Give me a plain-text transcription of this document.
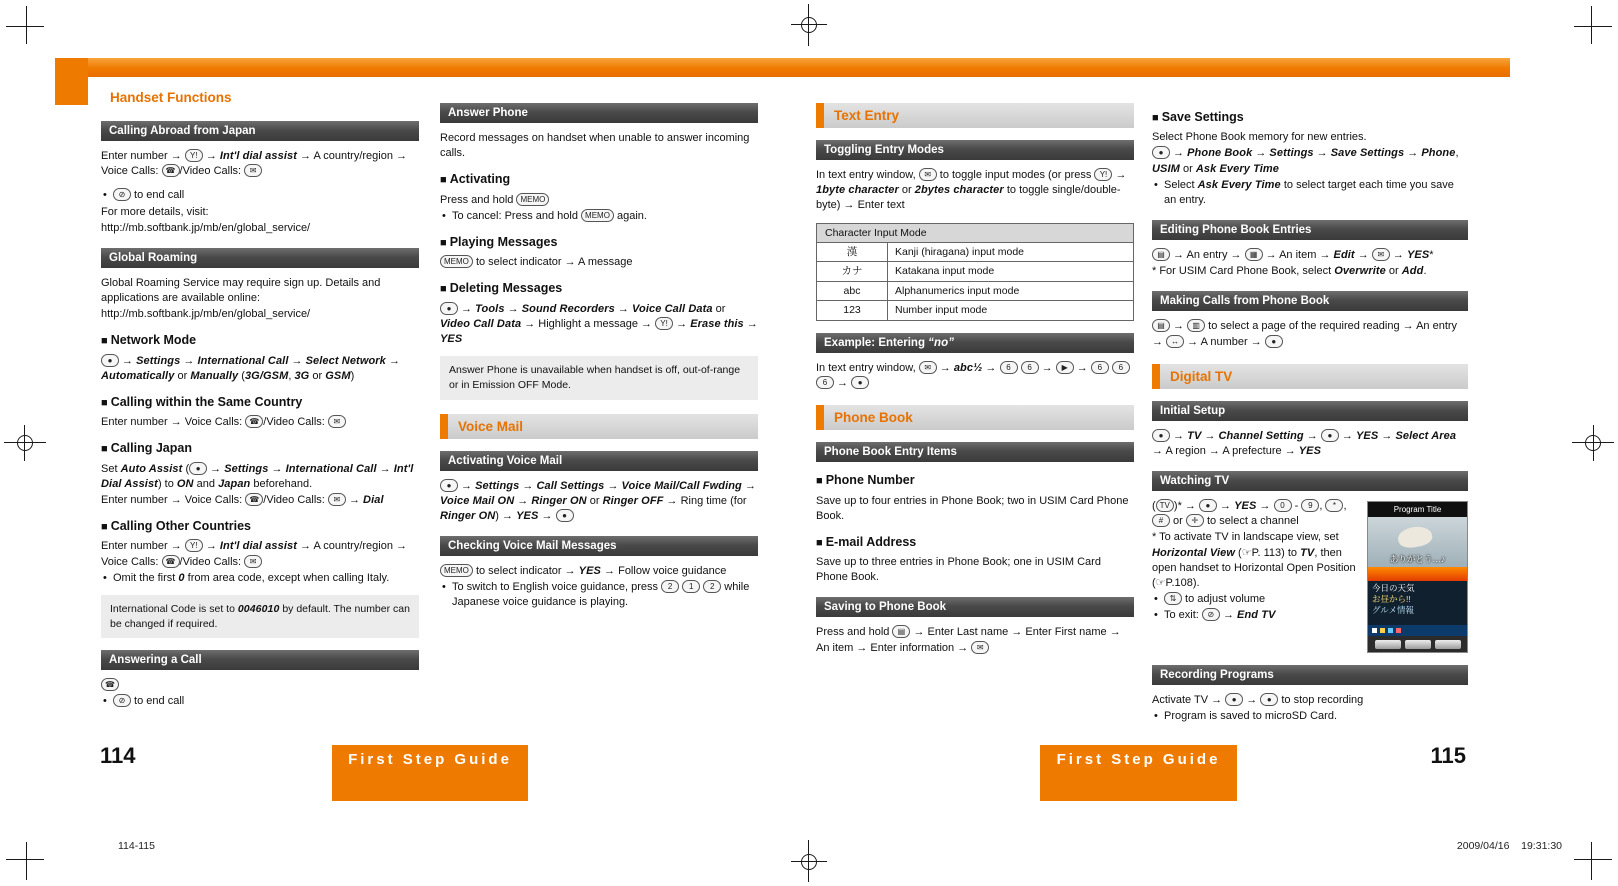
Handset Functions
Calling Abroad from Japan

Enter number → Y! → Int'l dial assist → A country/region → Voice Calls: ☎ /Video Calls: ✉

• ⊘ to end call

For more details, visit:

http://mb.softbank.jp/mb/en/global_service/

Global Roaming

Global Roaming Service may require sign up. Details and applications are available online:

http://mb.softbank.jp/mb/en/global_service/

■ Network Mode

● → Settings → International Call → Select Network → Automatically or Manually (3G/GSM, 3G or GSM)

■ Calling within the Same Country

Enter number → Voice Calls: ☎ /Video Calls: ✉

■ Calling Japan

Set Auto Assist ( ● → Settings → International Call → Int'l Dial Assist) to ON and Japan beforehand.

Enter number → Voice Calls: ☎ /Video Calls: ✉ → Dial

■ Calling Other Countries

Enter number → Y! → Int'l dial assist → A country/region → Voice Calls: ☎ /Video Calls: ✉

• Omit the first 0 from area code, except when calling Italy.

International Code is set to 0046010 by default. The number can be changed if required.
Answering a Call

☎

• ⊘ to end call

Answer Phone

Record messages on handset when unable to answer incoming calls.

■ Activating

Press and hold MEMO

• To cancel: Press and hold MEMO again.

■ Playing Messages

MEMO to select indicator → A message

■ Deleting Messages

● → Tools → Sound Recorders → Voice Call Data or Video Call Data → Highlight a message → Y! → Erase this → YES

Answer Phone is unavailable when handset is off, out-of-range or in Emission OFF Mode.
Voice Mail
Activating Voice Mail

● → Settings → Call Settings → Voice Mail/Call Fwding → Voice Mail ON → Ringer ON or Ringer OFF → Ring time (for Ringer ON) → YES → ●

Checking Voice Mail Messages

MEMO to select indicator → YES → Follow voice guidance

• To switch to English voice guidance, press 2 1 2 while Japanese voice guidance is playing.

Text Entry
Toggling Entry Modes

In text entry window, ✉ to toggle input modes (or press Y! → 1byte character or 2bytes character to toggle single/double-byte) → Enter text

Character Input Mode	
漢	Kanji (hiragana) input mode
カナ	Katakana input mode
abc	Alphanumerics input mode
123	Number input mode
Example: Entering “no”

In text entry window, ✉ → abc½ → 6 6 → ▶ → 6 6 6 → ●

Phone Book
Phone Book Entry Items
■ Phone Number

Save up to four entries in Phone Book; two in USIM Card Phone Book.

■ E-mail Address

Save up to three entries in Phone Book; one in USIM Card Phone Book.

Saving to Phone Book

Press and hold ▤ → Enter Last name → Enter First name → An item → Enter information → ✉

■ Save Settings

Select Phone Book memory for new entries.

● → Phone Book → Settings → Save Settings → Phone, USIM or Ask Every Time

• Select Ask Every Time to select target each time you save an entry.

Editing Phone Book Entries

▤ → An entry → ▦ → An item → Edit → ✉ → YES*

* For USIM Card Phone Book, select Overwrite or Add.

Making Calls from Phone Book

▤ → ▥ to select a page of the required reading → An entry → ↔ → A number → ●

Digital TV
Initial Setup

● → TV → Channel Setting → ● → YES → Select Area → A region → A prefecture → YES

Watching TV

( TV )* → ● → YES → 0 - 9 , * , # or ✛ to select a channel

* To activate TV in landscape view, set Horizontal View (☞P. 113) to TV, then open handset to Horizontal Open Position (☞P.108).

• ⇅ to adjust volume

• To exit: ⊘ → End TV

Program Title
ありがとう…♪
今日の天気
お昼から!!
グルメ情報
Recording Programs

Activate TV → ● → ● to stop recording

• Program is saved to microSD Card.

114	115
First Step Guide	First Step Guide
114-115	2009/04/16    19:31:30
